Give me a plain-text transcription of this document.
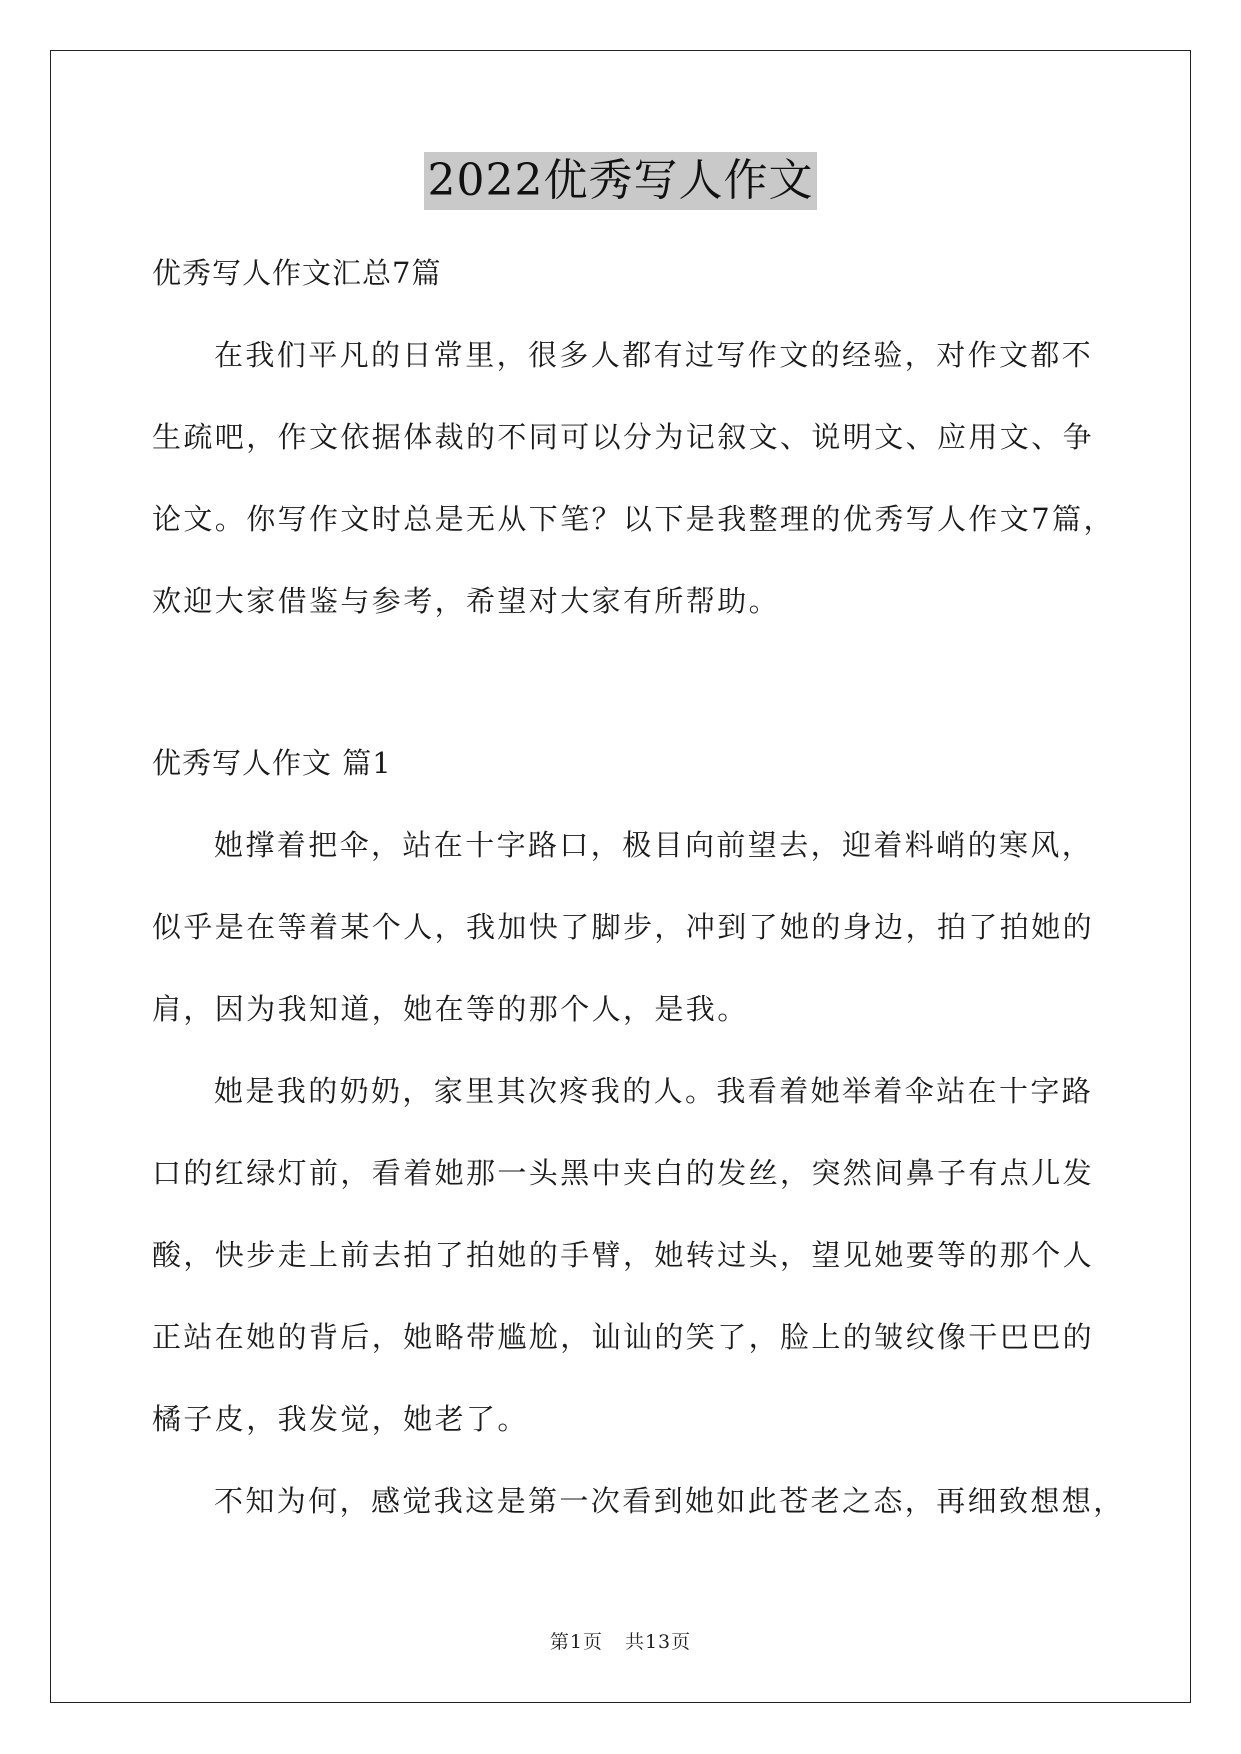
2022优秀写人作文
优秀写人作文汇总7篇
在我们平凡的日常里，很多人都有过写作文的经验，对作文都不
生疏吧，作文依据体裁的不同可以分为记叙文、说明文、应用文、争
论文。你写作文时总是无从下笔？以下是我整理的优秀写人作文7篇，
欢迎大家借鉴与参考，希望对大家有所帮助。
优秀写人作文 篇1
她撑着把伞，站在十字路口，极目向前望去，迎着料峭的寒风，
似乎是在等着某个人，我加快了脚步，冲到了她的身边，拍了拍她的
肩，因为我知道，她在等的那个人，是我。
她是我的奶奶，家里其次疼我的人。我看着她举着伞站在十字路
口的红绿灯前，看着她那一头黑中夹白的发丝，突然间鼻子有点儿发
酸，快步走上前去拍了拍她的手臂，她转过头，望见她要等的那个人
正站在她的背后，她略带尴尬，讪讪的笑了，脸上的皱纹像干巴巴的
橘子皮，我发觉，她老了。
不知为何，感觉我这是第一次看到她如此苍老之态，再细致想想，
第1页 共13页
